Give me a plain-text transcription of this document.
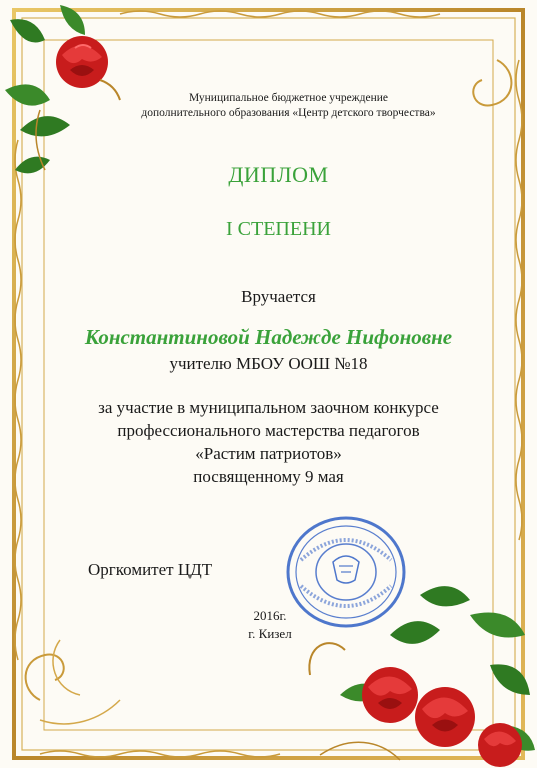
Муниципальное бюджетное учреждение
дополнительного образования «Центр детского творчества»
ДИПЛОМ
I СТЕПЕНИ
Вручается
Константиновой Надежде Нифоновне
учителю МБОУ ООШ №18
за участие в муниципальном заочном конкурсе
профессионального мастерства педагогов
«Растим патриотов»
посвященному 9 мая
Оргкомитет ЦДТ
2016г.
г. Кизел
